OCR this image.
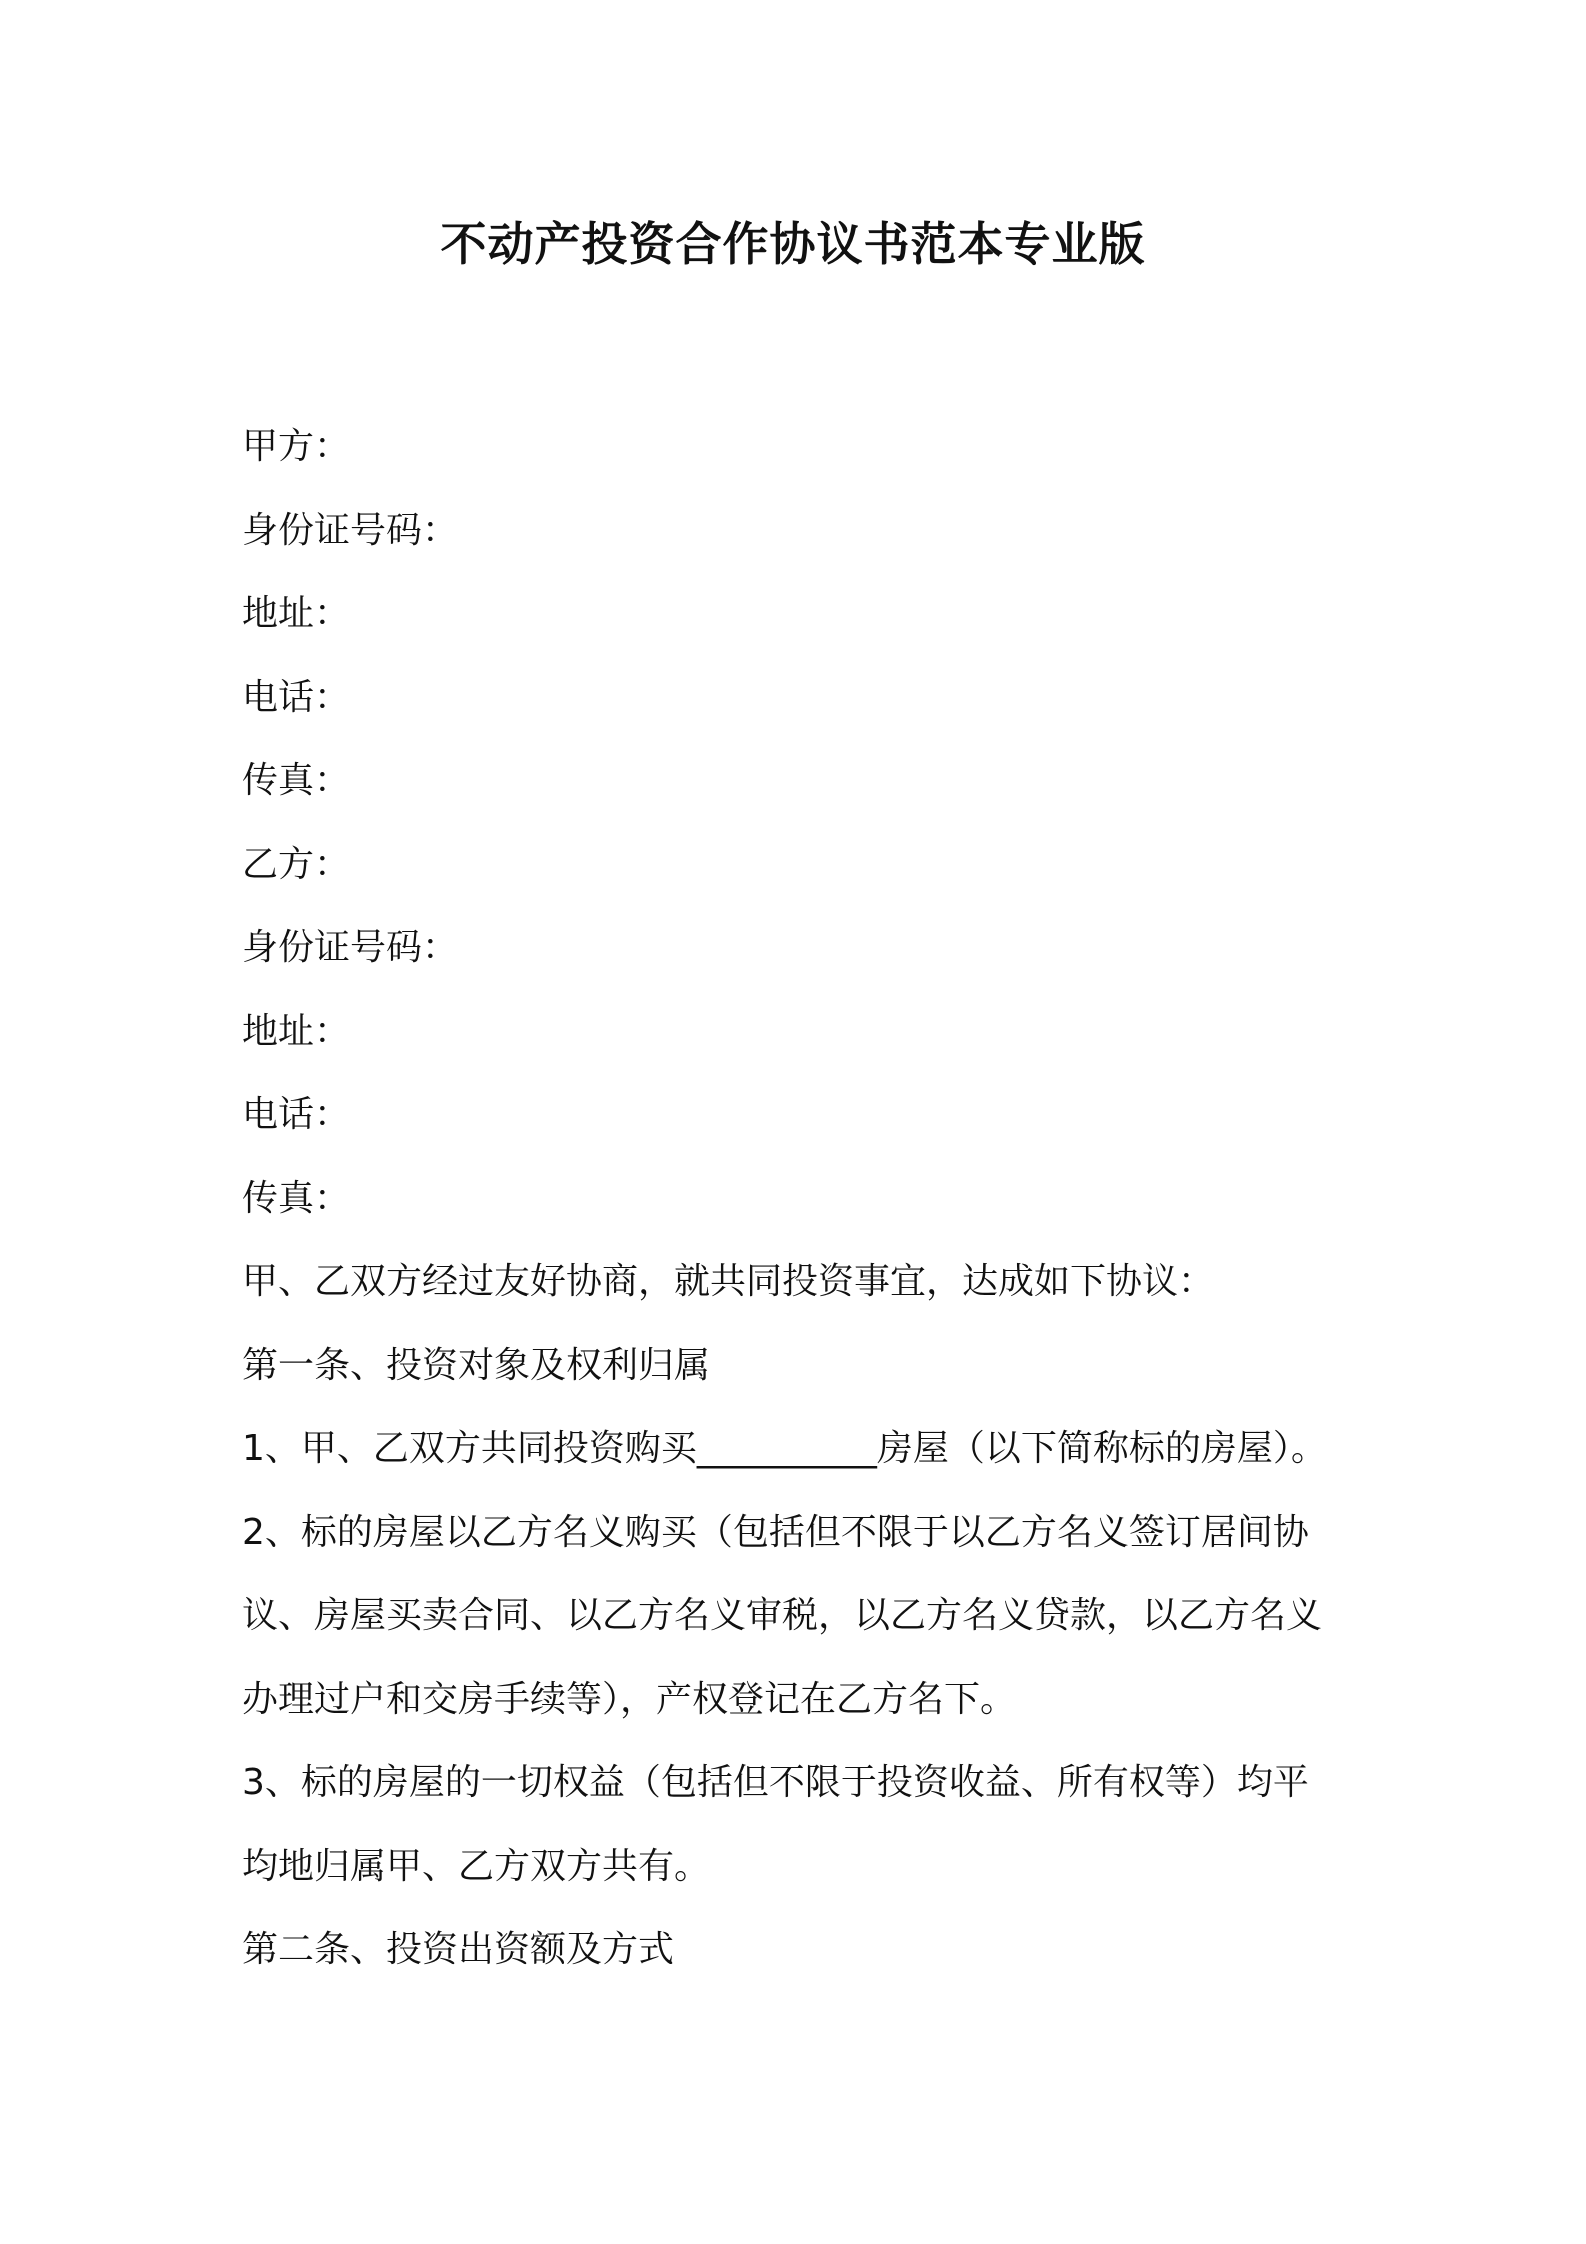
不动产投资合作协议书范本专业版

甲方：

身份证号码：

地址：

电话：

传真：

乙方：

身份证号码：

地址：

电话：

传真：

甲、乙双方经过友好协商，就共同投资事宜，达成如下协议：

第一条、投资对象及权利归属

1、甲、乙双方共同投资购买__________房屋（以下简称标的房屋）。

2、标的房屋以乙方名义购买（包括但不限于以乙方名义签订居间协

议、房屋买卖合同、以乙方名义审税，以乙方名义贷款，以乙方名义

办理过户和交房手续等），产权登记在乙方名下。

3、标的房屋的一切权益（包括但不限于投资收益、所有权等）均平

均地归属甲、乙方双方共有。

第二条、投资出资额及方式
